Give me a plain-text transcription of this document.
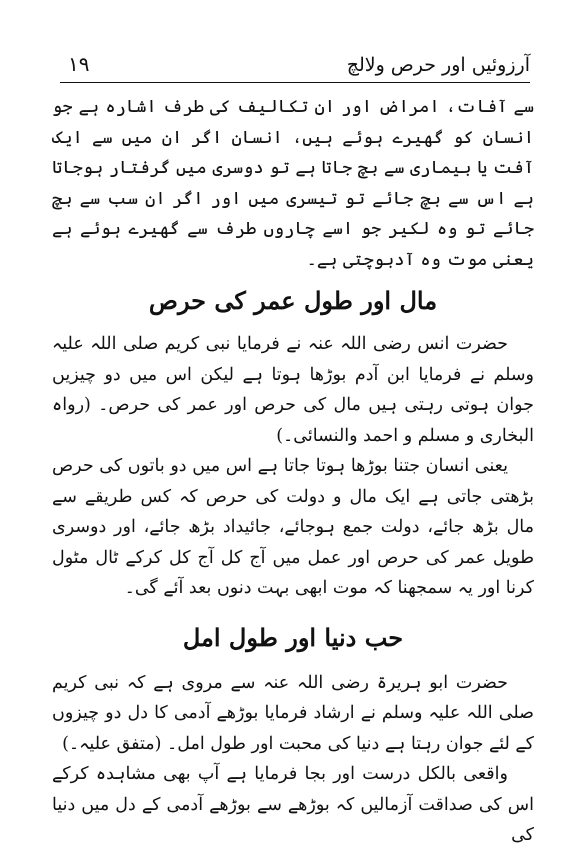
آرزوئیں اور حرص ولالچ
۱۹

سے آفات، امراض اور ان تکالیف کی طرف اشارہ ہے جو انسان کو گھیرے ہوئے ہیں، انسان اگر ان میں سے ایک آفت یا بیماری سے بچ جاتا ہے تو دوسری میں گرفتار ہوجاتا ہے اس سے بچ جائے تو تیسری میں اور اگر ان سب سے بچ جائے تو وہ لکیر جو اسے چاروں طرف سے گھیرے ہوئے ہے یعنی موت وہ آدبوچتی ہے۔

مال اور طول عمر کی حرص

حضرت انس رضی اللہ عنہ نے فرمایا نبی کریم صلی اللہ علیہ وسلم نے فرمایا ابن آدم بوڑھا ہوتا ہے لیکن اس میں دو چیزیں جوان ہوتی رہتی ہیں مال کی حرص اور عمر کی حرص۔ (رواہ البخاری و مسلم و احمد والنسائی۔)

یعنی انسان جتنا بوڑھا ہوتا جاتا ہے اس میں دو باتوں کی حرص بڑھتی جاتی ہے ایک مال و دولت کی حرص کہ کس طریقے سے مال بڑھ جائے، دولت جمع ہوجائے، جائیداد بڑھ جائے، اور دوسری طویل عمر کی حرص اور عمل میں آج کل آج کل کرکے ٹال مٹول کرنا اور یہ سمجھنا کہ موت ابھی بہت دنوں بعد آئے گی۔

حب دنیا اور طول امل

حضرت ابو ہریرۃ رضی اللہ عنہ سے مروی ہے کہ نبی کریم صلی اللہ علیہ وسلم نے ارشاد فرمایا بوڑھے آدمی کا دل دو چیزوں کے لئے جوان رہتا ہے دنیا کی محبت اور طول امل۔ (متفق علیہ۔)

واقعی بالکل درست اور بجا فرمایا ہے آپ بھی مشاہدہ کرکے اس کی صداقت آزمالیں کہ بوڑھے سے بوڑھے آدمی کے دل میں دنیا کی
